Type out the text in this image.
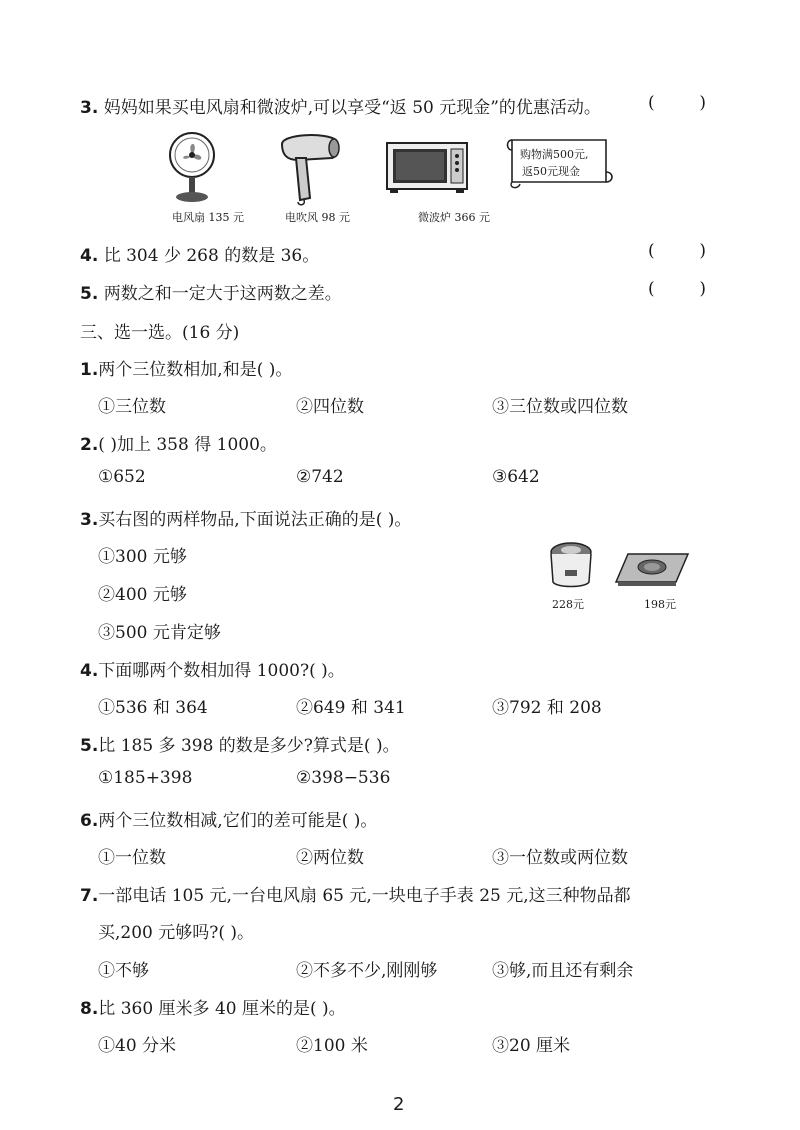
3. 妈妈如果买电风扇和微波炉,可以享受“返 50 元现金”的优惠活动。	(	)
电风扇 135 元	电吹风 98 元	微波炉 366 元
购物满500元,
返50元现金
4. 比 304 少 268 的数是 36。	(	)
5. 两数之和一定大于这两数之差。	(	)
三、选一选。(16 分)
1.两个三位数相加,和是( )。
①三位数	②四位数	③三位数或四位数
2.( )加上 358 得 1000。
①652	②742	③642
3.买右图的两样物品,下面说法正确的是( )。
①300 元够
②400 元够
③500 元肯定够
228元	198元
4.下面哪两个数相加得 1000?( )。
①536 和 364	②649 和 341	③792 和 208
5.比 185 多 398 的数是多少?算式是( )。
①185+398	②398−536
6.两个三位数相减,它们的差可能是( )。
①一位数	②两位数	③一位数或两位数
7.一部电话 105 元,一台电风扇 65 元,一块电子手表 25 元,这三种物品都
买,200 元够吗?( )。
①不够	②不多不少,刚刚够	③够,而且还有剩余
8.比 360 厘米多 40 厘米的是( )。
①40 分米	②100 米	③20 厘米
2
